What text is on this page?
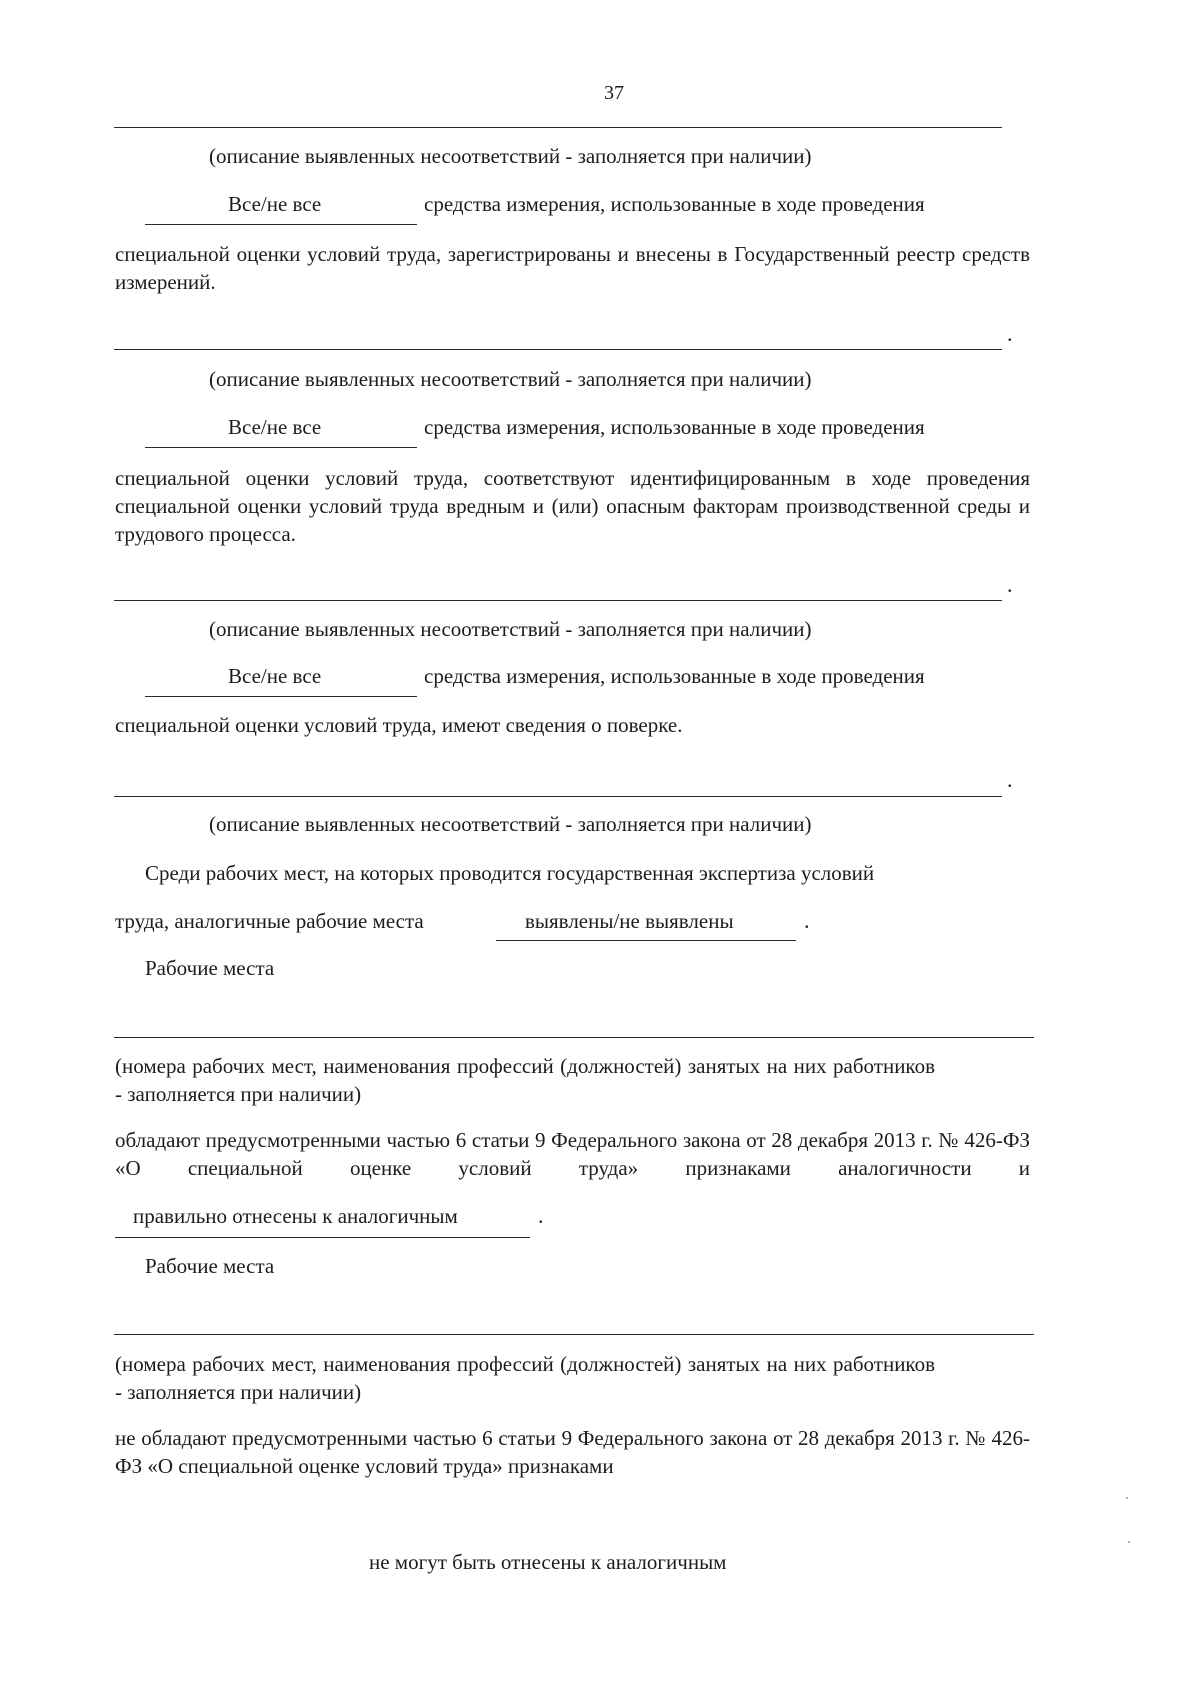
37
(описание выявленных несоответствий - заполняется при наличии)
Все/не все	средства измерения, использованные в ходе проведения
специальной оценки условий труда, зарегистрированы и внесены в Государственный реестр средств измерений.
.
(описание выявленных несоответствий - заполняется при наличии)
Все/не все	средства измерения, использованные в ходе проведения
специальной оценки условий труда, соответствуют идентифицированным в ходе проведения специальной оценки условий труда вредным и (или) опасным факторам производственной среды и трудового процесса.
.
(описание выявленных несоответствий - заполняется при наличии)
Все/не все	средства измерения, использованные в ходе проведения
специальной оценки условий труда, имеют сведения о поверке.
.
(описание выявленных несоответствий - заполняется при наличии)
Среди рабочих мест, на которых проводится государственная экспертиза условий
труда, аналогичные рабочие места	выявлены/не выявлены	.
Рабочие места
(номера рабочих мест, наименования профессий (должностей) занятых на них работников - заполняется при наличии)
обладают предусмотренными частью 6 статьи 9 Федерального закона от 28 декабря 2013 г. № 426-ФЗ «О специальной оценке условий труда» признаками аналогичности и
правильно отнесены к аналогичным	.
Рабочие места
(номера рабочих мест, наименования профессий (должностей) занятых на них работников - заполняется при наличии)
не обладают предусмотренными частью 6 статьи 9 Федерального закона от 28 декабря 2013 г. № 426-ФЗ «О специальной оценке условий труда» признаками
не могут быть отнесены к аналогичным
